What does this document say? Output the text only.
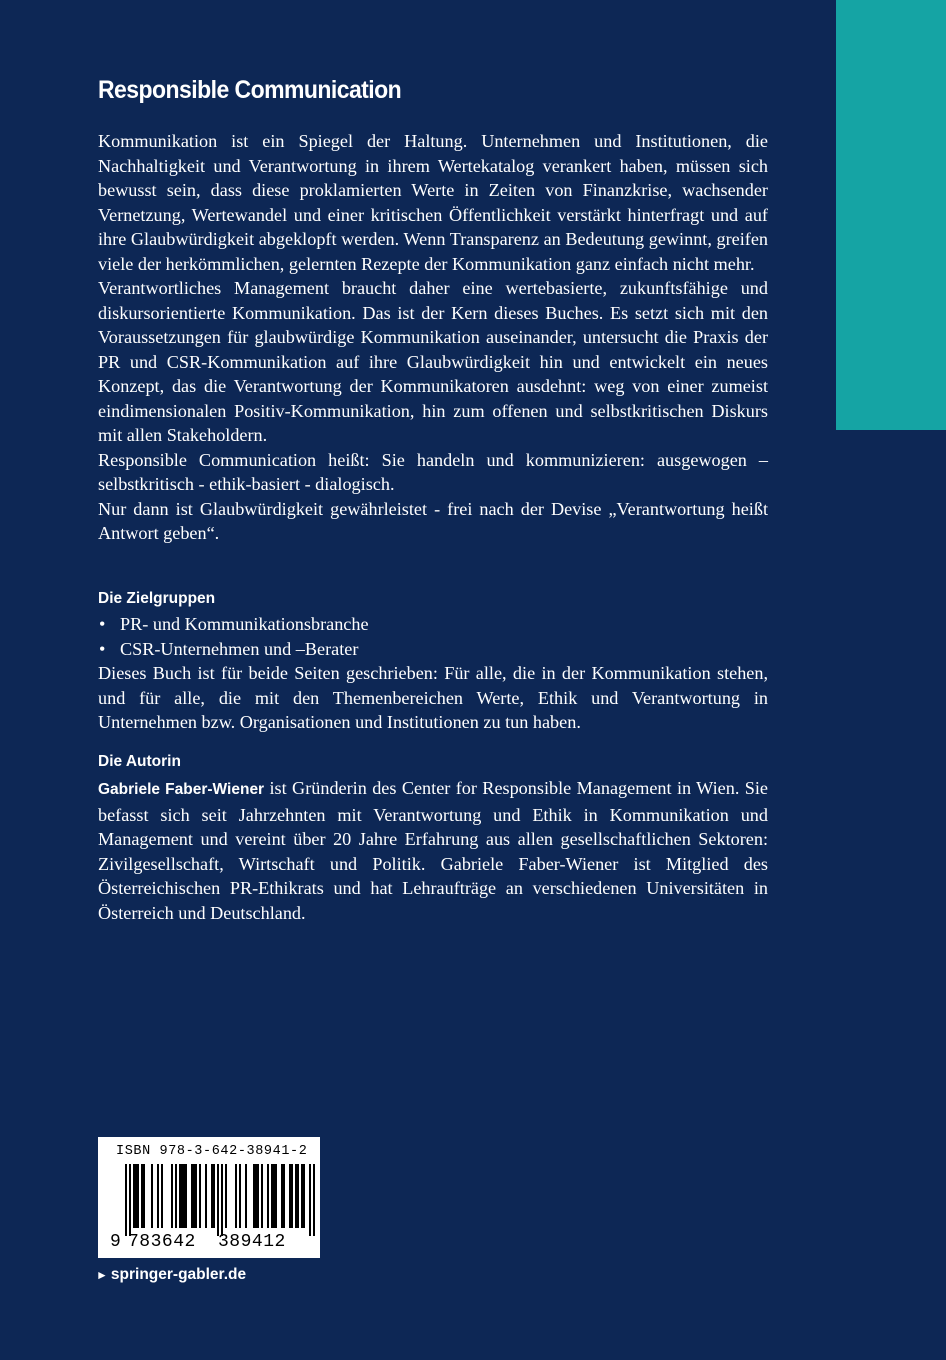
Responsible Communication

Kommunikation ist ein Spiegel der Haltung. Unternehmen und Institutionen, die Nachhaltigkeit und Verantwortung in ihrem Wertekatalog verankert haben, müssen sich bewusst sein, dass diese proklamierten Werte in Zeiten von Finanzkrise, wachsender Vernetzung, Wertewandel und einer kritischen Öffentlichkeit verstärkt hinterfragt und auf ihre Glaubwürdigkeit abgeklopft werden. Wenn Transparenz an Bedeutung gewinnt, greifen viele der herkömmlichen, gelernten Rezepte der Kommunikation ganz einfach nicht mehr.

Verantwortliches Management braucht daher eine wertebasierte, zukunftsfähige und diskursorientierte Kommunikation. Das ist der Kern dieses Buches. Es setzt sich mit den Voraussetzungen für glaubwürdige Kommunikation auseinander, untersucht die Praxis der PR und CSR-Kommunikation auf ihre Glaubwürdigkeit hin und entwickelt ein neues Konzept, das die Verantwortung der Kommunikatoren ausdehnt: weg von einer zumeist eindimensionalen Positiv-Kommunikation, hin zum offenen und selbstkritischen Diskurs mit allen Stakeholdern.

Responsible Communication heißt: Sie handeln und kommunizieren: ausgewogen – selbstkritisch - ethik-basiert - dialogisch.

Nur dann ist Glaubwürdigkeit gewährleistet - frei nach der Devise „Verantwortung heißt Antwort geben“.

Die Zielgruppen
• PR- und Kommunikationsbranche
• CSR-Unternehmen und –Berater

Dieses Buch ist für beide Seiten geschrieben: Für alle, die in der Kommunikation stehen, und für alle, die mit den Themenbereichen Werte, Ethik und Verantwortung in Unternehmen bzw. Organisationen und Institutionen zu tun haben.

Die Autorin

Gabriele Faber-Wiener ist Gründerin des Center for Responsible Management in Wien. Sie befasst sich seit Jahrzehnten mit Verantwortung und Ethik in Kommunikation und Management und vereint über 20 Jahre Erfahrung aus allen gesellschaftlichen Sektoren: Zivilgesellschaft, Wirtschaft und Politik. Gabriele Faber-Wiener ist Mitglied des Österreichischen PR-Ethikrats und hat Lehraufträge an verschiedenen Universitäten in Österreich und Deutschland.

ISBN 978-3-642-38941-2
9 783642 389412
► springer-gabler.de
